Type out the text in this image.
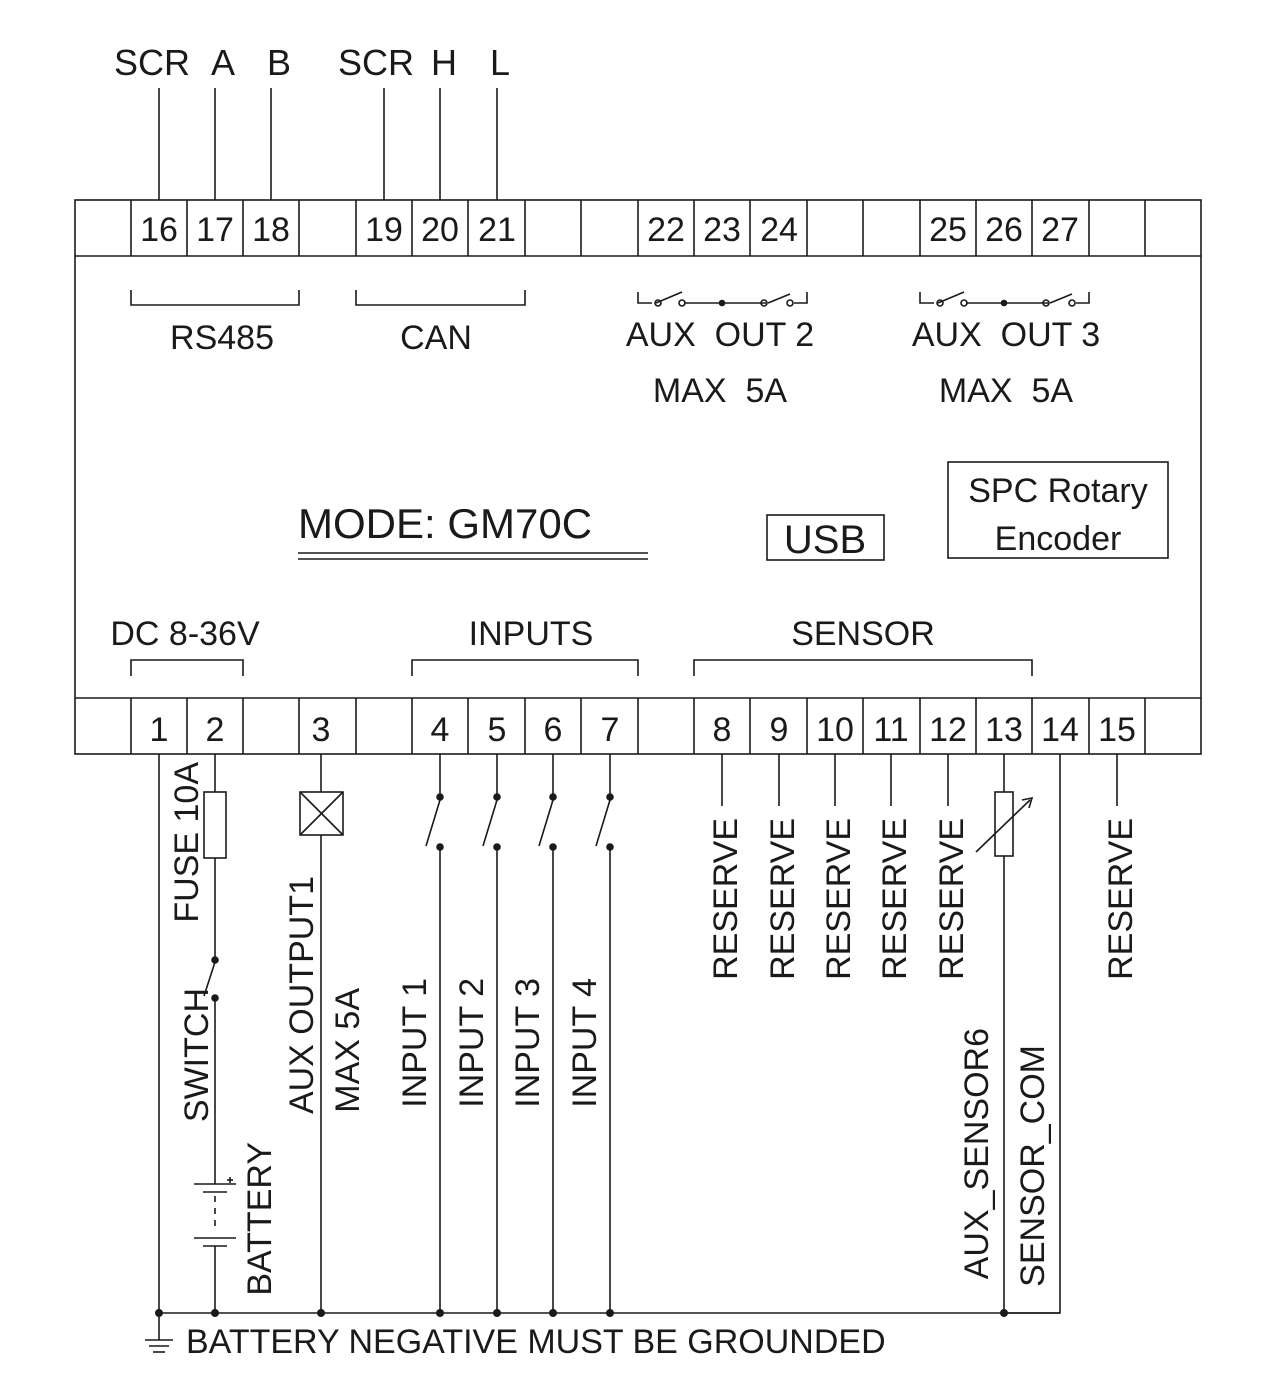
SCR A B SCR H L
16 17 18 19 20 21	22 23 24	25 26 27
RS485	CAN	AUX  OUT 2
MAX  5A
AUX  OUT 3
MAX  5A
USB
SPC Rotary
Encoder
DC 8-36V	INPUTS	SENSOR
1 2	3	4 5 6 7	8 9 10 11 12 13 14 15
MODE: GM70C
FUSE 10A
SWITCH
BATTERY
AUX OUTPUT1 MAX 5A INPUT 1 INPUT 2 INPUT 3 INPUT 4
RESERVE RESERVE RESERVE RESERVE RESERVE	RESERVE
AUX_SENSOR6 SENSOR_COM
BATTERY NEGATIVE MUST BE GROUNDED
